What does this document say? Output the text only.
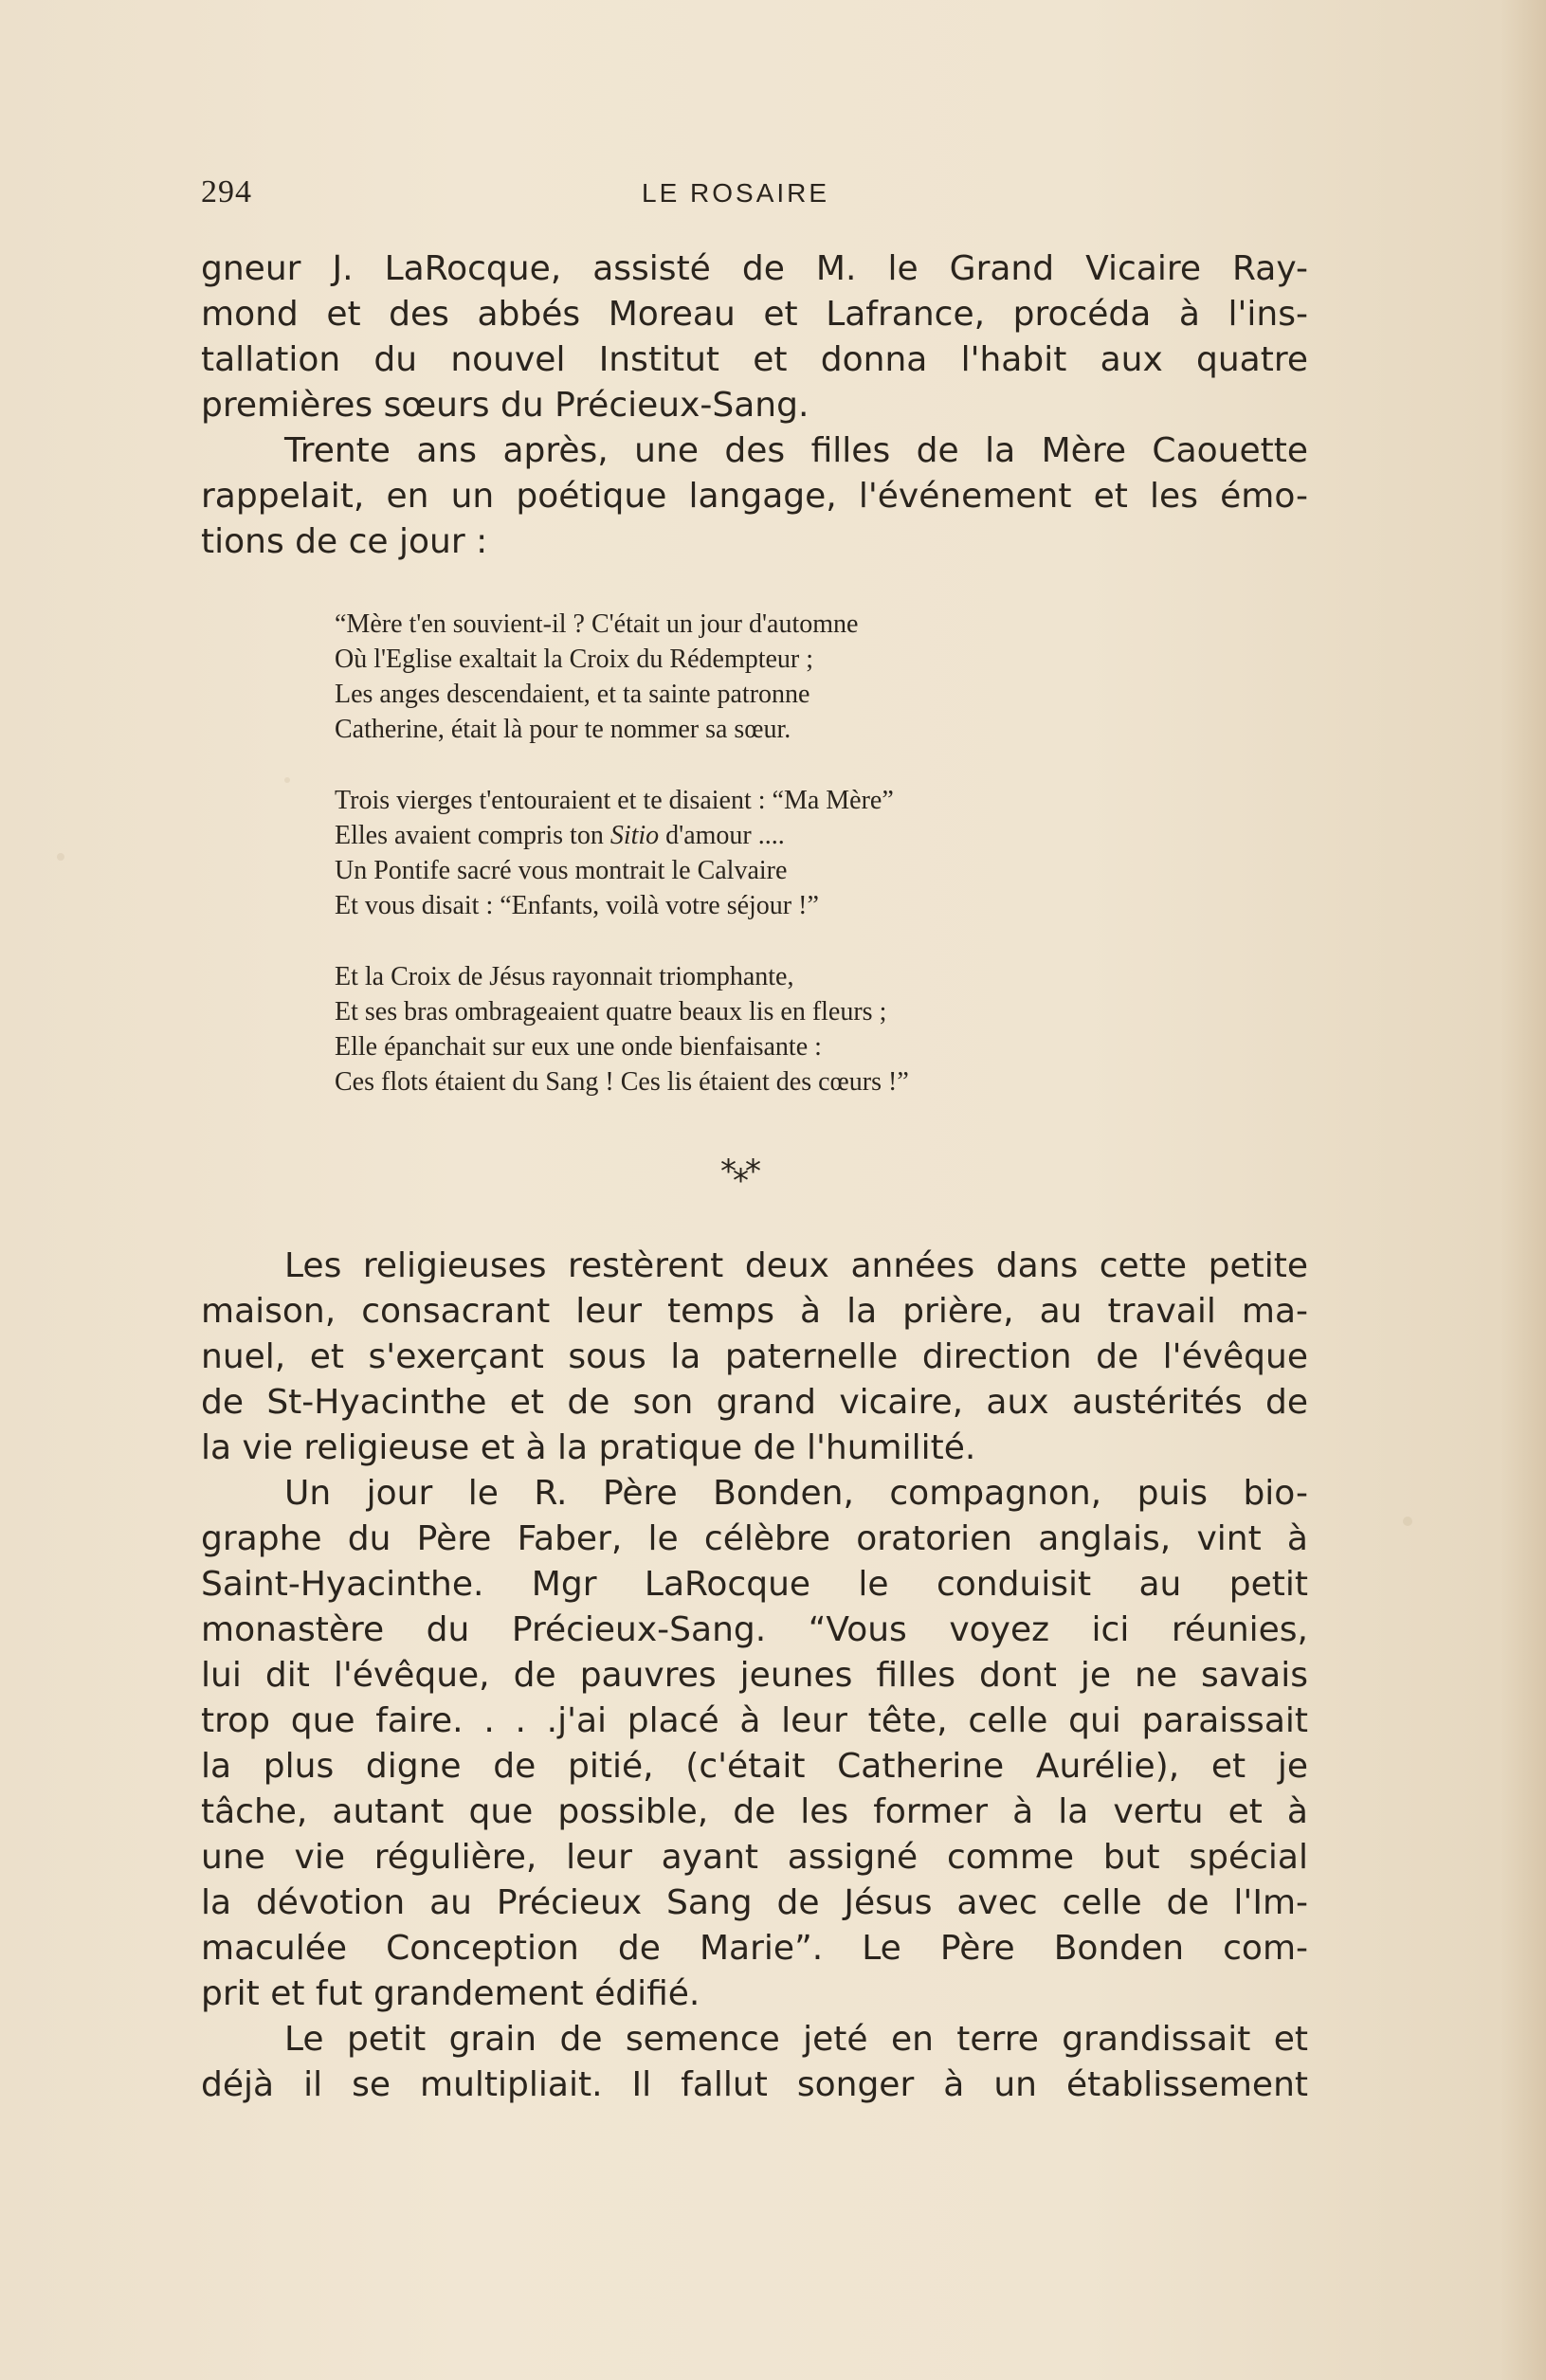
294	LE ROSAIRE

gneur J. LaRocque, assisté de M. le Grand Vicaire Ray-

mond et des abbés Moreau et Lafrance, procéda à l'ins-

tallation du nouvel Institut et donna l'habit aux quatre

premières sœurs du Précieux-Sang.

Trente ans après, une des filles de la Mère Caouette

rappelait, en un poétique langage, l'événement et les émo-

tions de ce jour :

“Mère t'en souvient-il ? C'était un jour d'automne
Où l'Eglise exaltait la Croix du Rédempteur ;
Les anges descendaient, et ta sainte patronne
Catherine, était là pour te nommer sa sœur.
Trois vierges t'entouraient et te disaient : “Ma Mère”
Elles avaient compris ton Sitio d'amour ....
Un Pontife sacré vous montrait le Calvaire
Et vous disait : “Enfants, voilà votre séjour !”
Et la Croix de Jésus rayonnait triomphante,
Et ses bras ombrageaient quatre beaux lis en fleurs ;
Elle épanchait sur eux une onde bienfaisante :
Ces flots étaient du Sang ! Ces lis étaient des cœurs !”
***

Les religieuses restèrent deux années dans cette petite

maison, consacrant leur temps à la prière, au travail ma-

nuel, et s'exerçant sous la paternelle direction de l'évêque

de St-Hyacinthe et de son grand vicaire, aux austérités de

la vie religieuse et à la pratique de l'humilité.

Un jour le R. Père Bonden, compagnon, puis bio-

graphe du Père Faber, le célèbre oratorien anglais, vint à

Saint-Hyacinthe. Mgr LaRocque le conduisit au petit

monastère du Précieux-Sang. “Vous voyez ici réunies,

lui dit l'évêque, de pauvres jeunes filles dont je ne savais

trop que faire. . . .j'ai placé à leur tête, celle qui paraissait

la plus digne de pitié, (c'était Catherine Aurélie), et je

tâche, autant que possible, de les former à la vertu et à

une vie régulière, leur ayant assigné comme but spécial

la dévotion au Précieux Sang de Jésus avec celle de l'Im-

maculée Conception de Marie”. Le Père Bonden com-

prit et fut grandement édifié.

Le petit grain de semence jeté en terre grandissait et

déjà il se multipliait. Il fallut songer à un établissement
